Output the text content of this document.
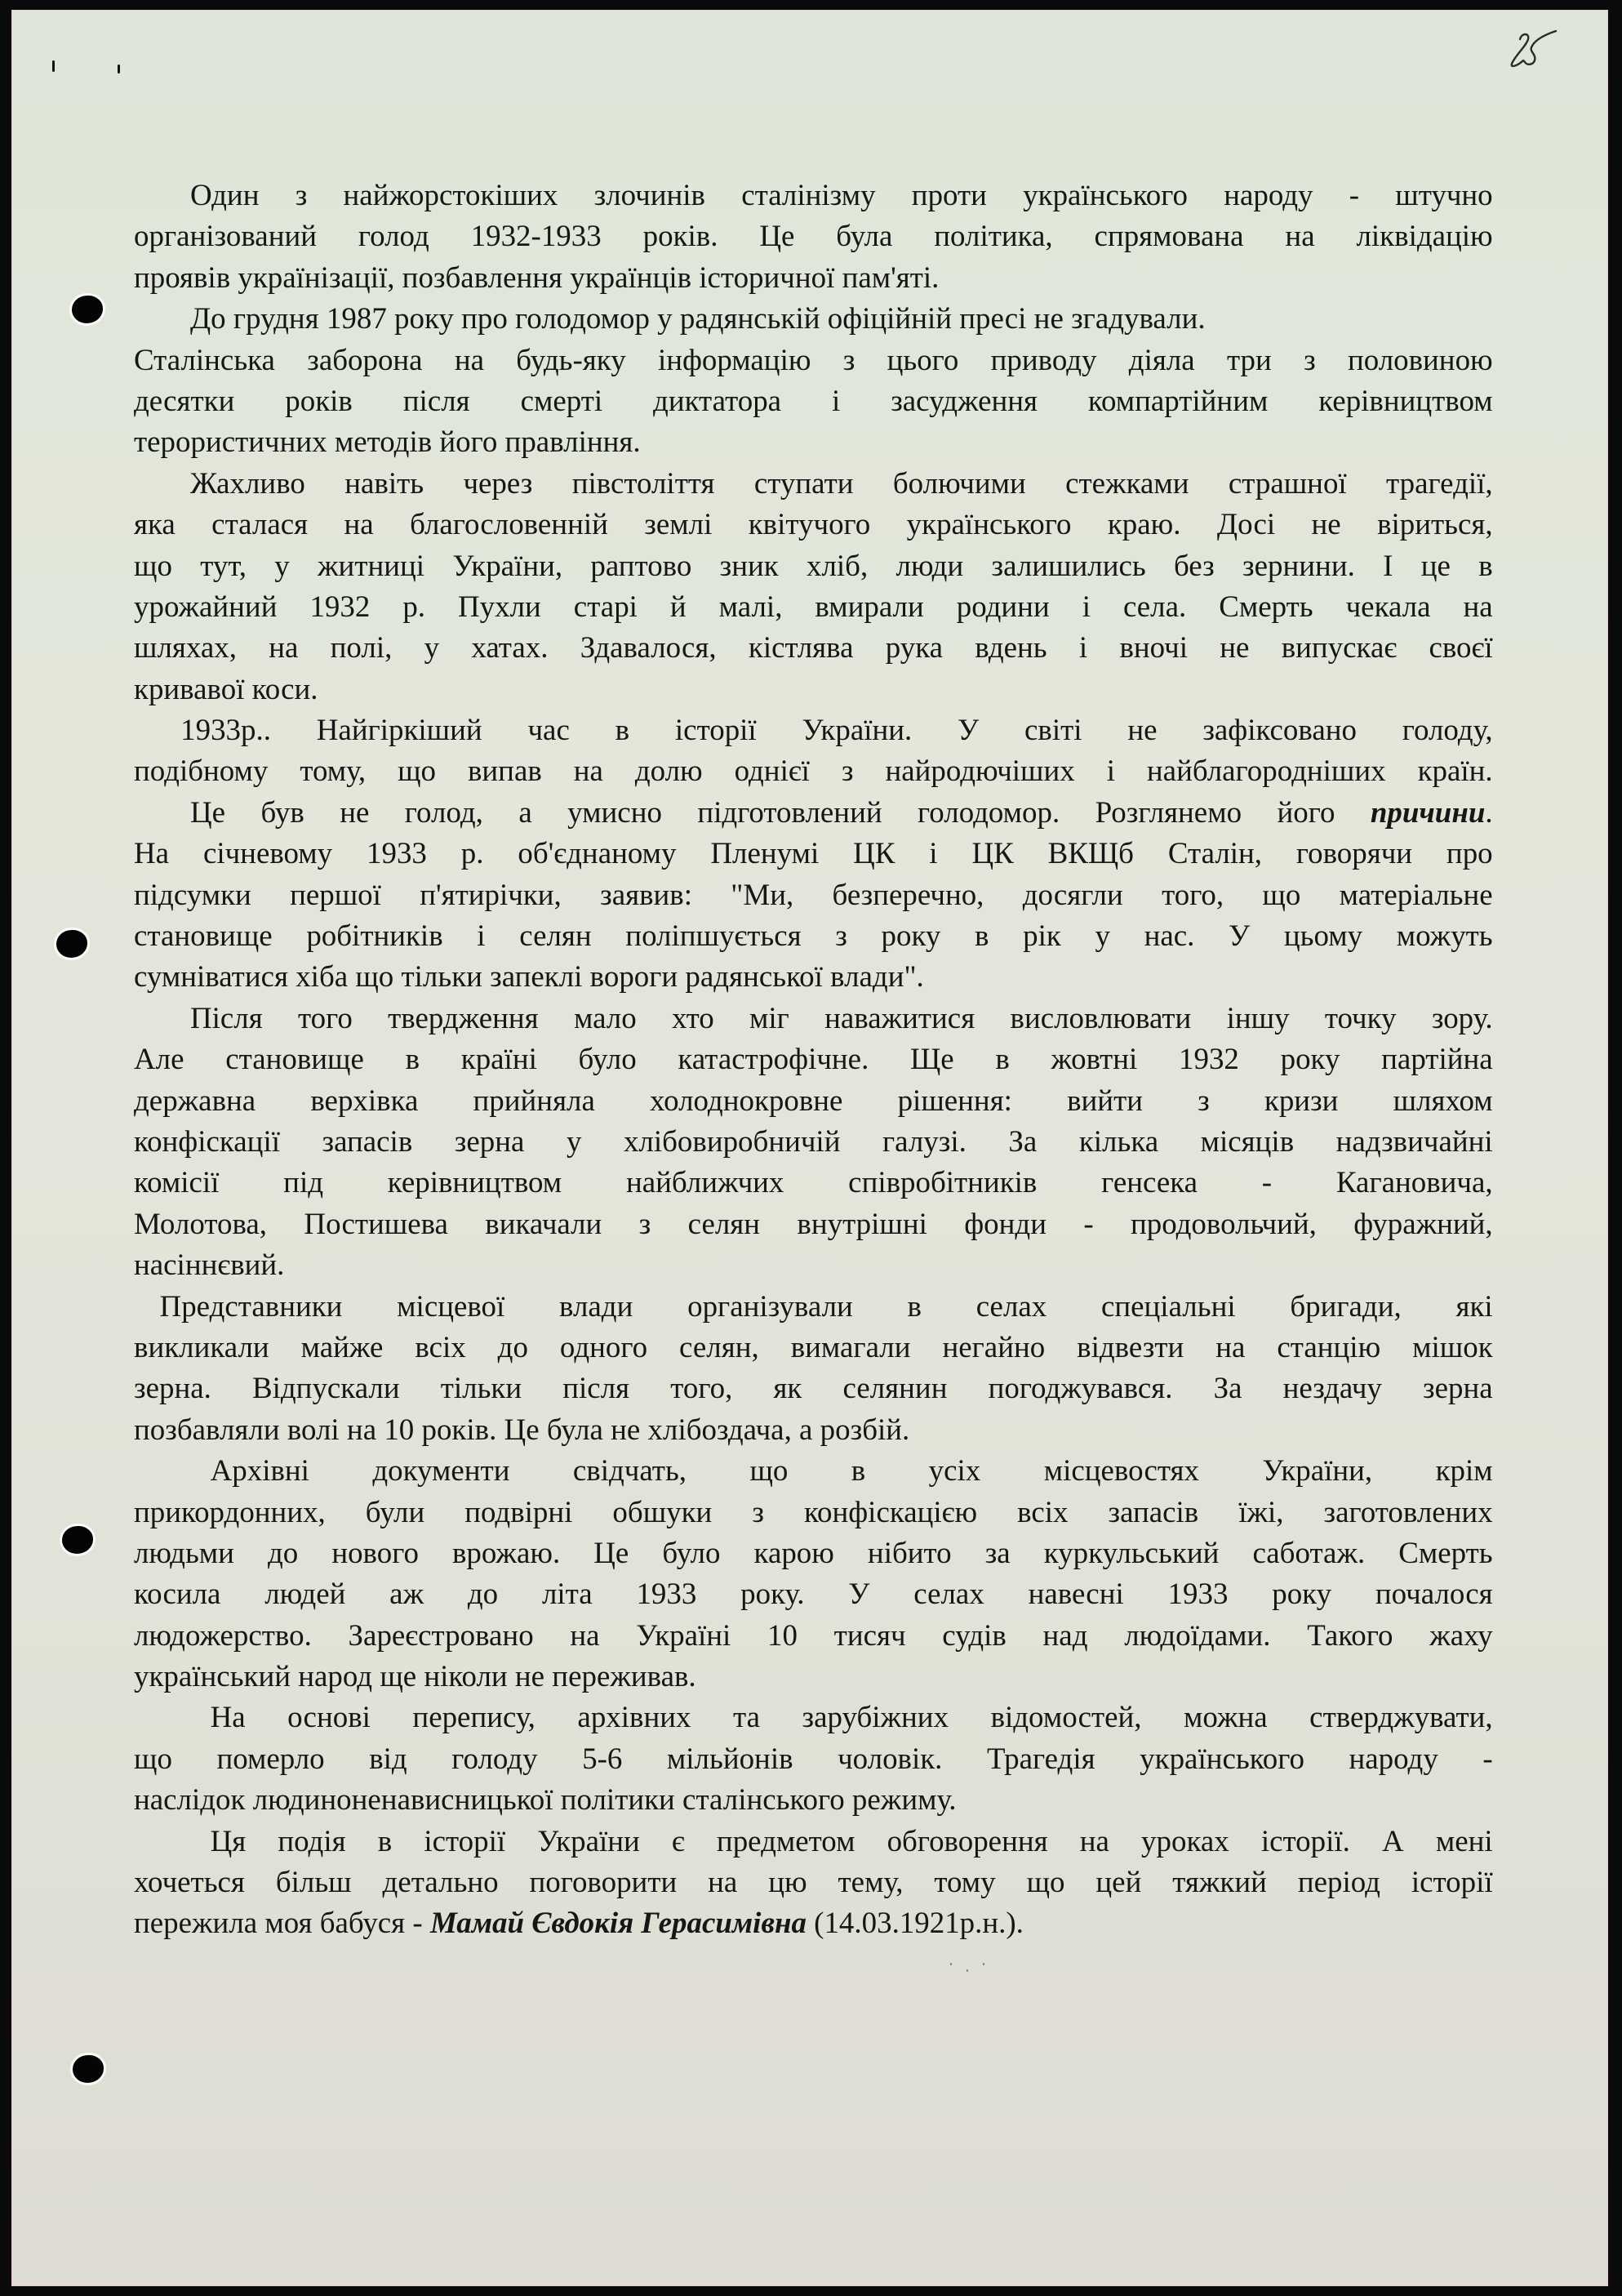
Один з найжорстокіших злочинів сталінізму проти українського народу - штучно
організований голод 1932-1933 років. Це була політика, спрямована на ліквідацію
проявів українізації, позбавлення українців історичної пам'яті.
До грудня 1987 року про голодомор у радянській офіційній пресі не згадували.
Сталінська заборона на будь-яку інформацію з цього приводу діяла три з половиною
десятки років після смерті диктатора і засудження компартійним керівництвом
терористичних методів його правління.
Жахливо навіть через півстоліття ступати болючими стежками страшної трагедії,
яка сталася на благословенній землі квітучого українського краю. Досі не віриться,
що тут, у житниці України, раптово зник хліб, люди залишились без зернини. І це в
урожайний 1932 р. Пухли старі й малі, вмирали родини і села. Смерть чекала на
шляхах, на полі, у хатах. Здавалося, кістлява рука вдень і вночі не випускає своєї
кривавої коси.
1933р.. Найгіркіший час в історії України. У світі не зафіксовано голоду,
подібному тому, що випав на долю однієї з найродючіших і найблагородніших країн.
Це був не голод, а умисно підготовлений голодомор. Розглянемо його причини.
На січневому 1933 р. об'єднаному Пленумі ЦК і ЦК ВКЩб Сталін, говорячи про
підсумки першої п'ятирічки, заявив: "Ми, безперечно, досягли того, що матеріальне
становище робітників і селян поліпшується з року в рік у нас. У цьому можуть
сумніватися хіба що тільки запеклі вороги радянської влади".
Після того твердження мало хто міг наважитися висловлювати іншу точку зору.
Але становище в країні було катастрофічне. Ще в жовтні 1932 року партійна
державна верхівка прийняла холоднокровне рішення: вийти з кризи шляхом
конфіскації запасів зерна у хлібовиробничій галузі. За кілька місяців надзвичайні
комісії під керівництвом найближчих співробітників генсека - Кагановича,
Молотова, Постишева викачали з селян внутрішні фонди - продовольчий, фуражний,
насіннєвий.
Представники місцевої влади організували в селах спеціальні бригади, які
викликали майже всіх до одного селян, вимагали негайно відвезти на станцію мішок
зерна. Відпускали тільки після того, як селянин погоджувався. За нездачу зерна
позбавляли волі на 10 років. Це була не хлібоздача, а розбій.
Архівні документи свідчать, що в усіх місцевостях України, крім
прикордонних, були подвірні обшуки з конфіскацією всіх запасів їжі, заготовлених
людьми до нового врожаю. Це було карою нібито за куркульський саботаж. Смерть
косила людей аж до літа 1933 року. У селах навесні 1933 року почалося
людожерство. Зареєстровано на Україні 10 тисяч судів над людоїдами. Такого жаху
український народ ще ніколи не переживав.
На основі перепису, архівних та зарубіжних відомостей, можна стверджувати,
що померло від голоду 5-6 мільйонів чоловік. Трагедія українського народу -
наслідок людиноненависницької політики сталінського режиму.
Ця подія в історії України є предметом обговорення на уроках історії. А мені
хочеться більш детально поговорити на цю тему, тому що цей тяжкий період історії
пережила моя бабуся - Мамай Євдокія Герасимівна (14.03.1921р.н.).
